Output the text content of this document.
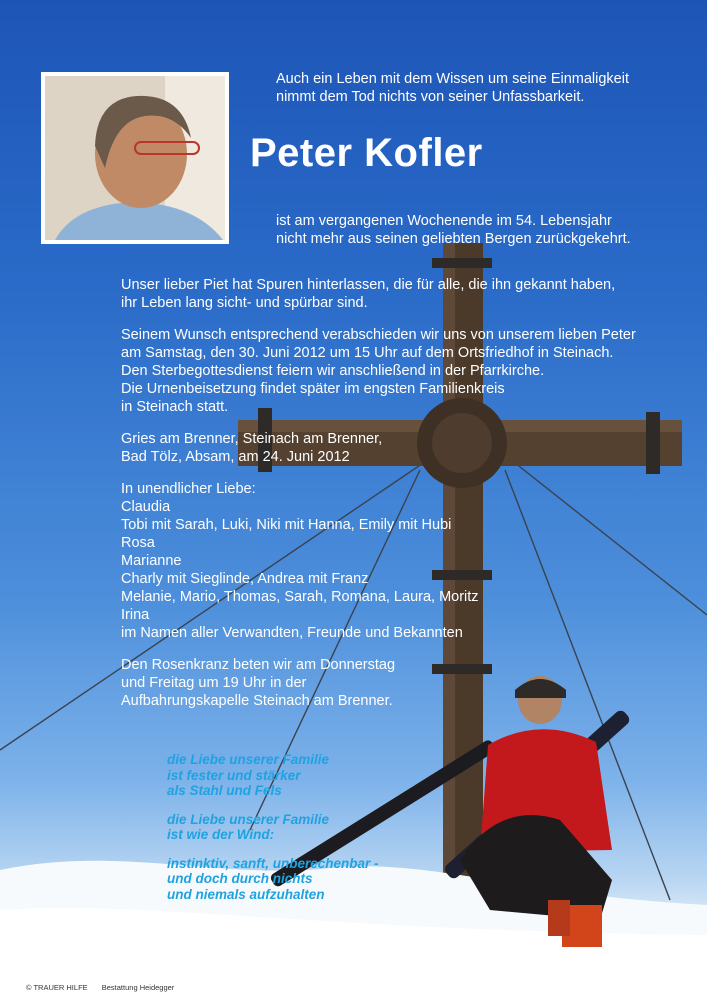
Auch ein Leben mit dem Wissen um seine Einmaligkeit
nimmt dem Tod nichts von seiner Unfassbarkeit.
Peter Kofler
ist am vergangenen Wochenende im 54. Lebensjahr
nicht mehr aus seinen geliebten Bergen zurückgekehrt.

Unser lieber Piet hat Spuren hinterlassen, die für alle, die ihn gekannt haben,
ihr Leben lang sicht- und spürbar sind.

Seinem Wunsch entsprechend verabschieden wir uns von unserem lieben Peter
am Samstag, den 30. Juni 2012 um 15 Uhr auf dem Ortsfriedhof in Steinach.
Den Sterbegottesdienst feiern wir anschließend in der Pfarrkirche.
Die Urnenbeisetzung findet später im engsten Familienkreis
in Steinach statt.

Gries am Brenner, Steinach am Brenner,
Bad Tölz, Absam, am 24. Juni 2012

In unendlicher Liebe:
Claudia
Tobi mit Sarah, Luki, Niki mit Hanna, Emily mit Hubi
Rosa
Marianne
Charly mit Sieglinde, Andrea mit Franz
Melanie, Mario, Thomas, Sarah, Romana, Laura, Moritz
Irina
im Namen aller Verwandten, Freunde und Bekannten

Den Rosenkranz beten wir am Donnerstag
und Freitag um 19 Uhr in der
Aufbahrungskapelle Steinach am Brenner.

die Liebe unserer Familie
ist fester und stärker
als Stahl und Fels

die Liebe unserer Familie
ist wie der Wind:

instinktiv, sanft, unberechenbar -
und doch durch nichts
und niemals aufzuhalten

© TRAUER HILFE Bestattung Heidegger
